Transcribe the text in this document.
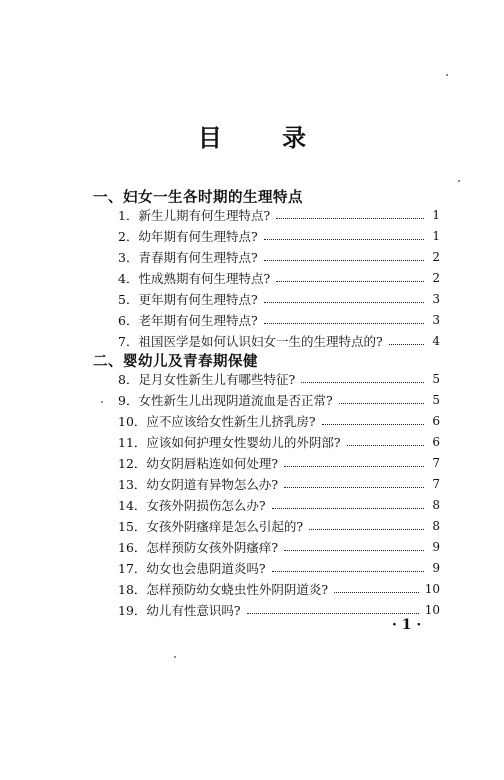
目 录
一、妇女一生各时期的生理特点
1．新生儿期有何生理特点?	1
2．幼年期有何生理特点?	1
3．青春期有何生理特点?	2
4．性成熟期有何生理特点?	2
5．更年期有何生理特点?	3
6．老年期有何生理特点?	3
7．祖国医学是如何认识妇女一生的生理特点的?	4
二、婴幼儿及青春期保健
8．足月女性新生儿有哪些特征?	5
9．女性新生儿出现阴道流血是否正常?	5
10．应不应该给女性新生儿挤乳房?	6
11．应该如何护理女性婴幼儿的外阴部?	6
12．幼女阴唇粘连如何处理?	7
13．幼女阴道有异物怎么办?	7
14．女孩外阴损伤怎么办?	8
15．女孩外阴瘙痒是怎么引起的?	8
16．怎样预防女孩外阴瘙痒?	9
17．幼女也会患阴道炎吗?	9
18．怎样预防幼女蛲虫性外阴阴道炎?	10
19．幼儿有性意识吗?	10
· 1 ·
